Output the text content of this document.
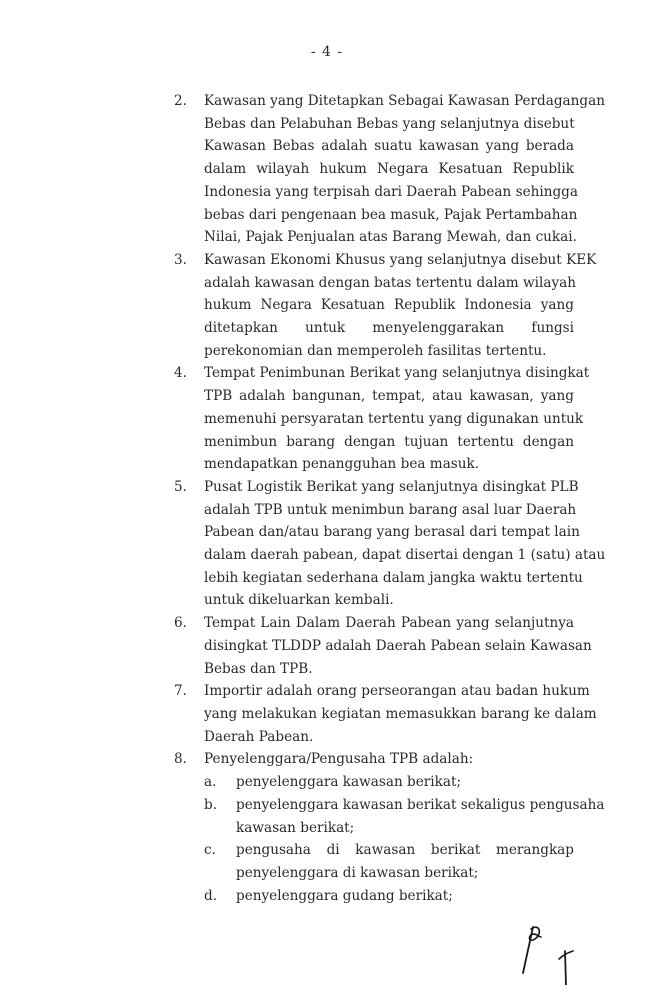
- 4 -
2. Kawasan yang Ditetapkan Sebagai Kawasan Perdagangan
Bebas dan Pelabuhan Bebas yang selanjutnya disebut
Kawasan Bebas adalah suatu kawasan yang berada
dalam wilayah hukum Negara Kesatuan Republik
Indonesia yang terpisah dari Daerah Pabean sehingga
bebas dari pengenaan bea masuk, Pajak Pertambahan
Nilai, Pajak Penjualan atas Barang Mewah, dan cukai.
3. Kawasan Ekonomi Khusus yang selanjutnya disebut KEK
adalah kawasan dengan batas tertentu dalam wilayah
hukum Negara Kesatuan Republik Indonesia yang
ditetapkan untuk menyelenggarakan fungsi
perekonomian dan memperoleh fasilitas tertentu.
4. Tempat Penimbunan Berikat yang selanjutnya disingkat
TPB adalah bangunan, tempat, atau kawasan, yang
memenuhi persyaratan tertentu yang digunakan untuk
menimbun barang dengan tujuan tertentu dengan
mendapatkan penangguhan bea masuk.
5. Pusat Logistik Berikat yang selanjutnya disingkat PLB
adalah TPB untuk menimbun barang asal luar Daerah
Pabean dan/atau barang yang berasal dari tempat lain
dalam daerah pabean, dapat disertai dengan 1 (satu) atau
lebih kegiatan sederhana dalam jangka waktu tertentu
untuk dikeluarkan kembali.
6. Tempat Lain Dalam Daerah Pabean yang selanjutnya
disingkat TLDDP adalah Daerah Pabean selain Kawasan
Bebas dan TPB.
7. Importir adalah orang perseorangan atau badan hukum
yang melakukan kegiatan memasukkan barang ke dalam
Daerah Pabean.
8. Penyelenggara/Pengusaha TPB adalah:
a. penyelenggara kawasan berikat;
b. penyelenggara kawasan berikat sekaligus pengusaha
kawasan berikat;
c. pengusaha di kawasan berikat merangkap
penyelenggara di kawasan berikat;
d. penyelenggara gudang berikat;
